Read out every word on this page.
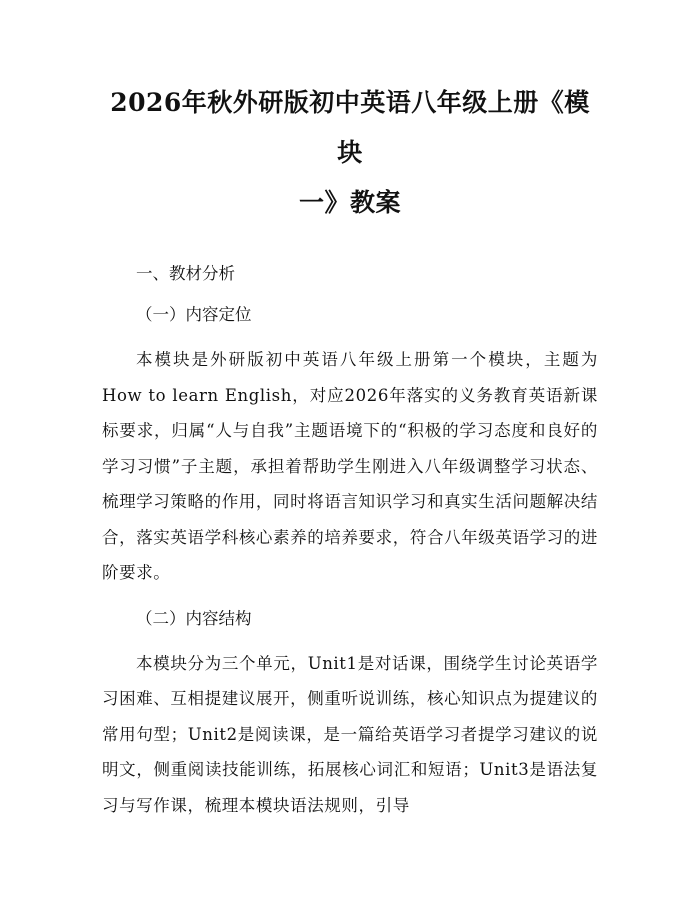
2026年秋外研版初中英语八年级上册《模块
一》教案

一、教材分析

（一）内容定位

本模块是外研版初中英语八年级上册第一个模块，主题为How to learn English，对应2026年落实的义务教育英语新课标要求，归属“人与自我”主题语境下的“积极的学习态度和良好的学习习惯”子主题，承担着帮助学生刚进入八年级调整学习状态、梳理学习策略的作用，同时将语言知识学习和真实生活问题解决结合，落实英语学科核心素养的培养要求，符合八年级英语学习的进阶要求。

（二）内容结构

本模块分为三个单元，Unit1是对话课，围绕学生讨论英语学习困难、互相提建议展开，侧重听说训练，核心知识点为提建议的常用句型；Unit2是阅读课，是一篇给英语学习者提学习建议的说明文，侧重阅读技能训练，拓展核心词汇和短语；Unit3是语法复习与写作课，梳理本模块语法规则，引导
